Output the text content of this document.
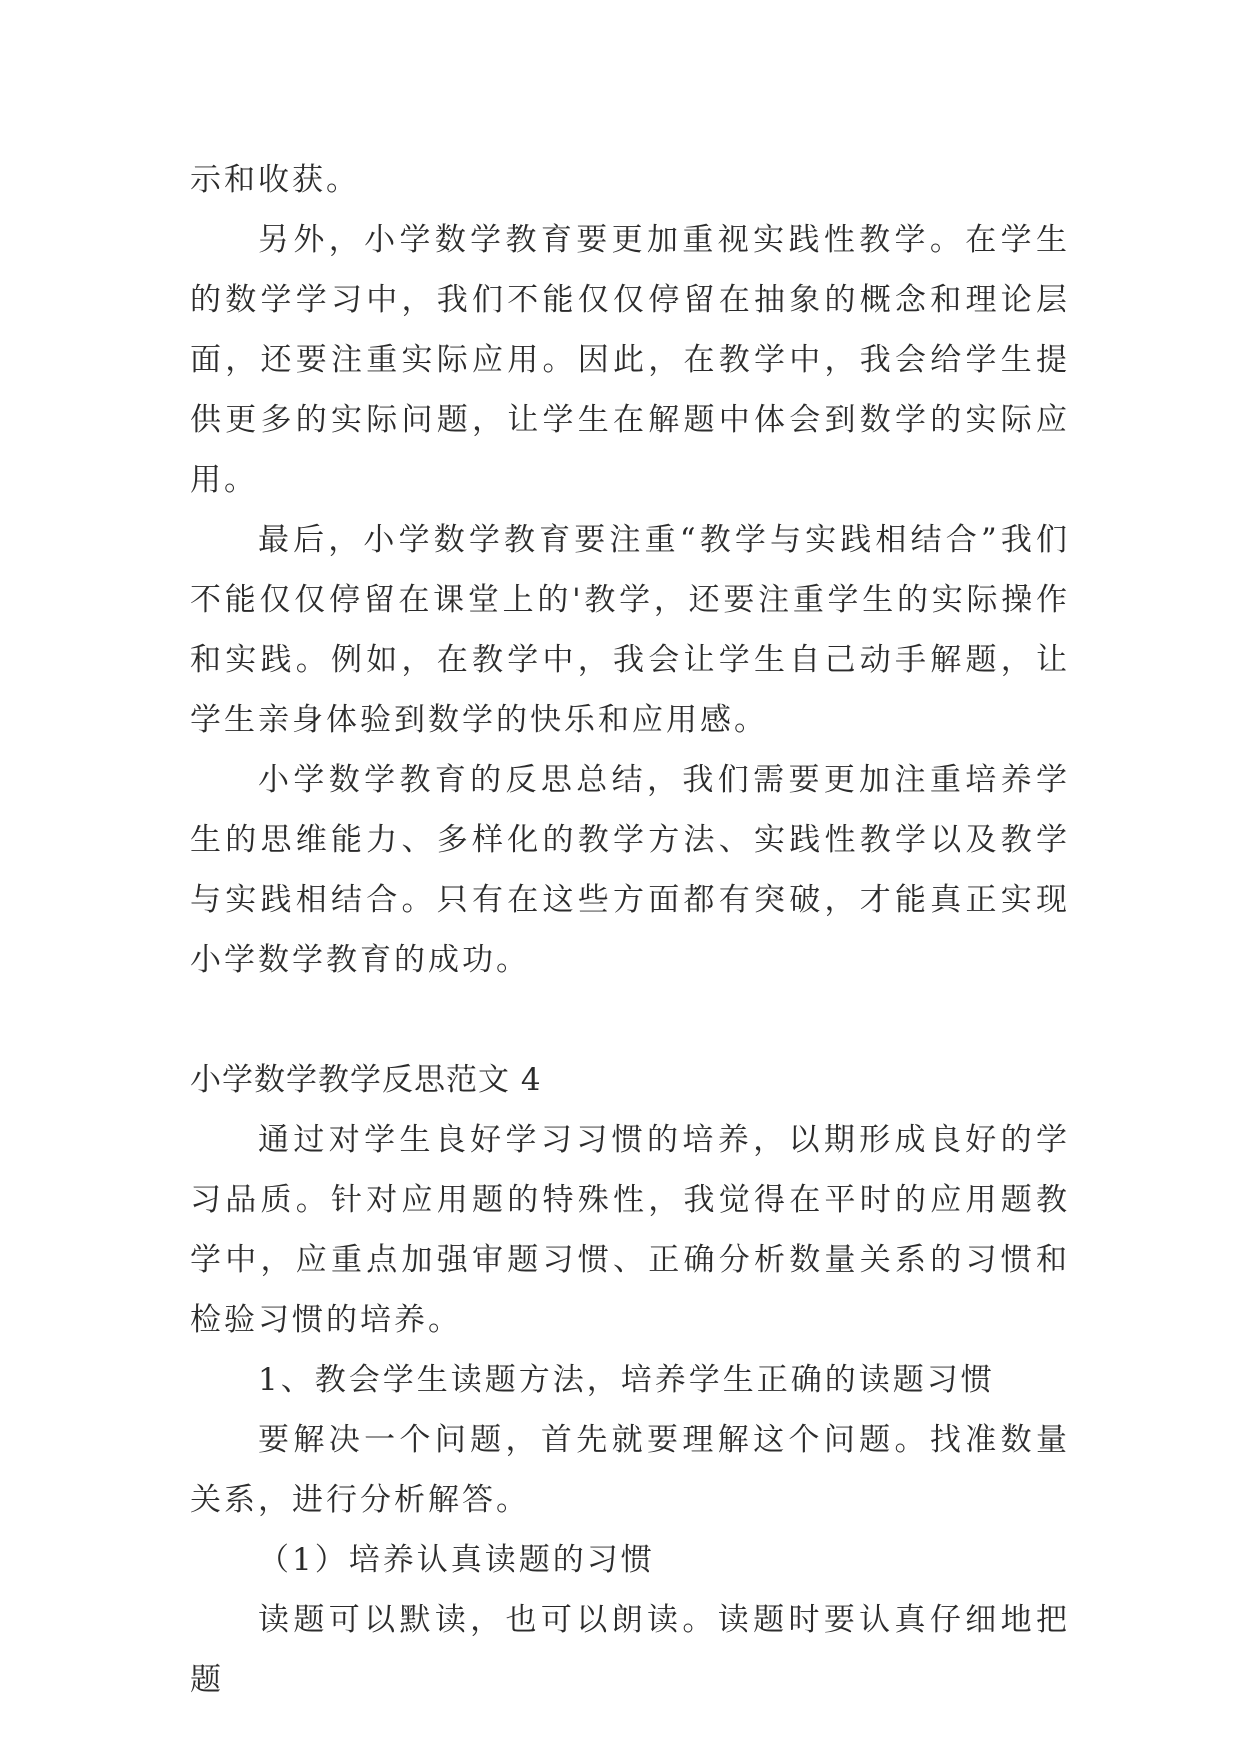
示和收获。

另外，小学数学教育要更加重视实践性教学。在学生的数学学习中，我们不能仅仅停留在抽象的概念和理论层面，还要注重实际应用。因此，在教学中，我会给学生提供更多的实际问题，让学生在解题中体会到数学的实际应用。

最后，小学数学教育要注重“教学与实践相结合”我们不能仅仅停留在课堂上的'教学，还要注重学生的实际操作和实践。例如，在教学中，我会让学生自己动手解题，让学生亲身体验到数学的快乐和应用感。

小学数学教育的反思总结，我们需要更加注重培养学生的思维能力、多样化的教学方法、实践性教学以及教学与实践相结合。只有在这些方面都有突破，才能真正实现小学数学教育的成功。

小学数学教学反思范文 4

通过对学生良好学习习惯的培养，以期形成良好的学习品质。针对应用题的特殊性，我觉得在平时的应用题教学中，应重点加强审题习惯、正确分析数量关系的习惯和检验习惯的培养。

1、教会学生读题方法，培养学生正确的读题习惯

要解决一个问题，首先就要理解这个问题。找准数量关系，进行分析解答。

（1）培养认真读题的习惯

读题可以默读，也可以朗读。读题时要认真仔细地把题
